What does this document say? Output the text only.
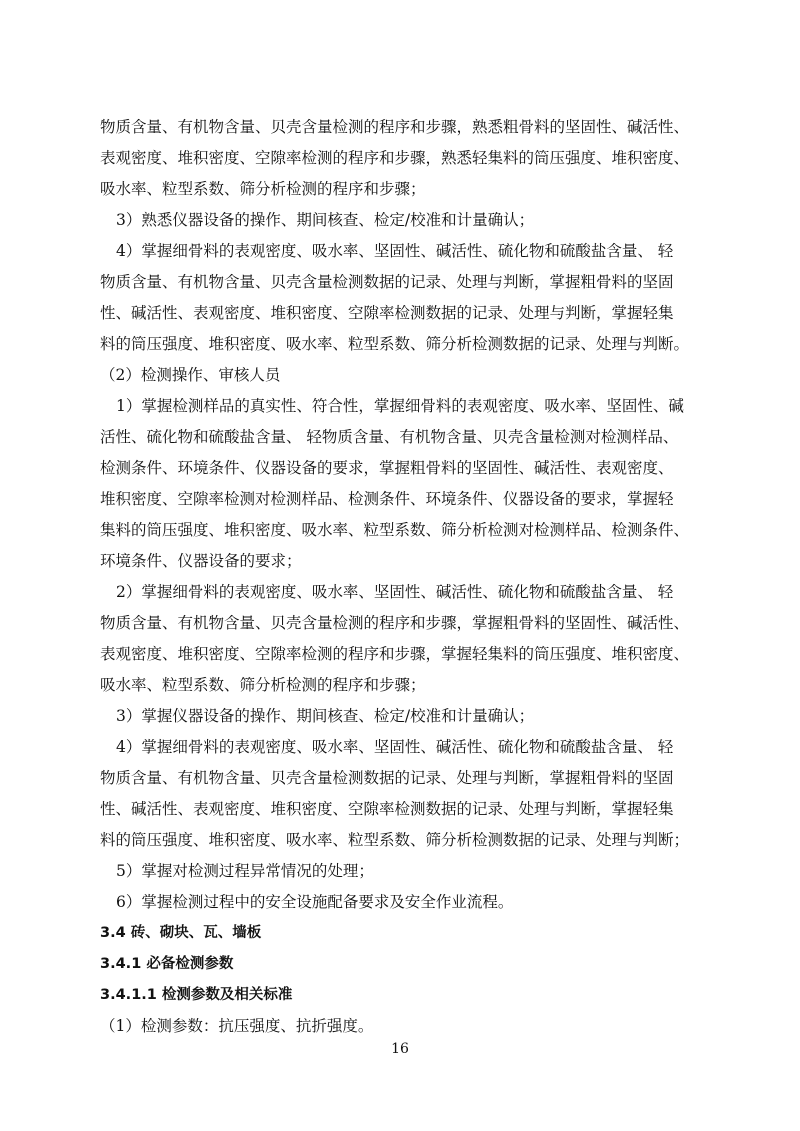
物质含量、有机物含量、贝壳含量检测的程序和步骤，熟悉粗骨料的坚固性、碱活性、
表观密度、堆积密度、空隙率检测的程序和步骤，熟悉轻集料的筒压强度、堆积密度、
吸水率、粒型系数、筛分析检测的程序和步骤；
3）熟悉仪器设备的操作、期间核查、检定/校准和计量确认；
4）掌握细骨料的表观密度、吸水率、坚固性、碱活性、硫化物和硫酸盐含量、 轻
物质含量、有机物含量、贝壳含量检测数据的记录、处理与判断，掌握粗骨料的坚固
性、碱活性、表观密度、堆积密度、空隙率检测数据的记录、处理与判断，掌握轻集
料的筒压强度、堆积密度、吸水率、粒型系数、筛分析检测数据的记录、处理与判断。
（2）检测操作、审核人员
1）掌握检测样品的真实性、符合性，掌握细骨料的表观密度、吸水率、坚固性、碱
活性、硫化物和硫酸盐含量、 轻物质含量、有机物含量、贝壳含量检测对检测样品、
检测条件、环境条件、仪器设备的要求，掌握粗骨料的坚固性、碱活性、表观密度、
堆积密度、空隙率检测对检测样品、检测条件、环境条件、仪器设备的要求，掌握轻
集料的筒压强度、堆积密度、吸水率、粒型系数、筛分析检测对检测样品、检测条件、
环境条件、仪器设备的要求；
2）掌握细骨料的表观密度、吸水率、坚固性、碱活性、硫化物和硫酸盐含量、 轻
物质含量、有机物含量、贝壳含量检测的程序和步骤，掌握粗骨料的坚固性、碱活性、
表观密度、堆积密度、空隙率检测的程序和步骤，掌握轻集料的筒压强度、堆积密度、
吸水率、粒型系数、筛分析检测的程序和步骤；
3）掌握仪器设备的操作、期间核查、检定/校准和计量确认；
4）掌握细骨料的表观密度、吸水率、坚固性、碱活性、硫化物和硫酸盐含量、 轻
物质含量、有机物含量、贝壳含量检测数据的记录、处理与判断，掌握粗骨料的坚固
性、碱活性、表观密度、堆积密度、空隙率检测数据的记录、处理与判断，掌握轻集
料的筒压强度、堆积密度、吸水率、粒型系数、筛分析检测数据的记录、处理与判断；
5）掌握对检测过程异常情况的处理；
6）掌握检测过程中的安全设施配备要求及安全作业流程。
3.4 砖、砌块、瓦、墙板
3.4.1 必备检测参数
3.4.1.1 检测参数及相关标准
（1）检测参数：抗压强度、抗折强度。
16
